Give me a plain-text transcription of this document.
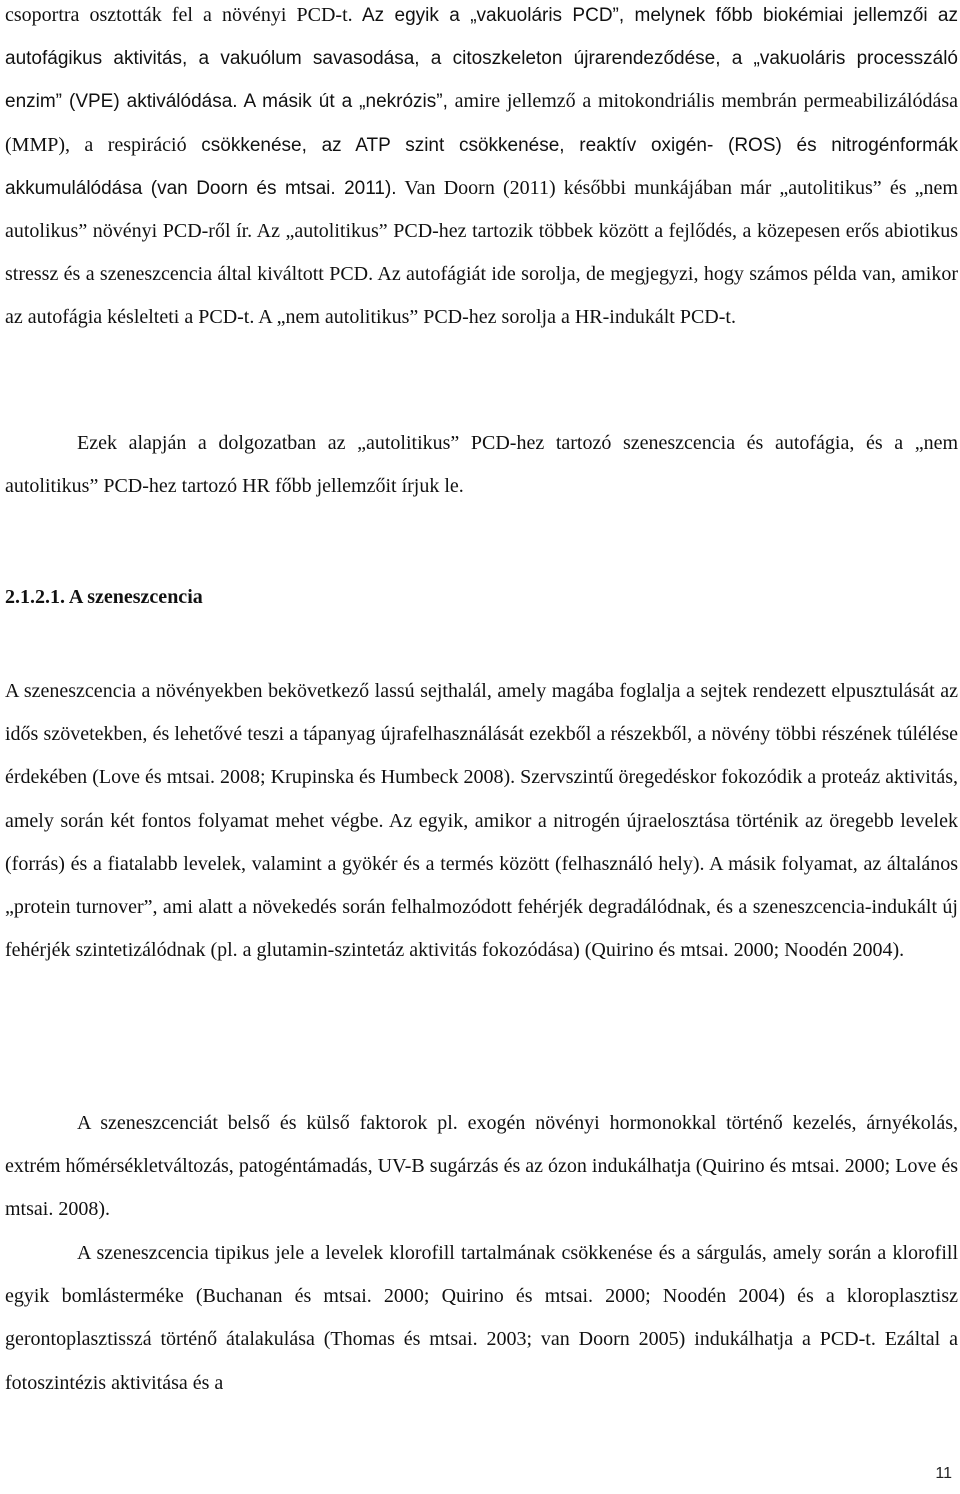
csoportra osztották fel a növényi PCD-t. Az egyik a „vakuoláris PCD”, melynek főbb biokémiai jellemzői az autofágikus aktivitás, a vakuólum savasodása, a citoszkeleton újrarendeződése, a „vakuoláris processzáló enzim” (VPE) aktiválódása. A másik út a „nekrózis”, amire jellemző a mitokondriális membrán permeabilizálódása (MMP), a respiráció csökkenése, az ATP szint csökkenése, reaktív oxigén- (ROS) és nitrogénformák akkumulálódása (van Doorn és mtsai. 2011). Van Doorn (2011) későbbi munkájában már „autolitikus” és „nem autolikus” növényi PCD-ről ír. Az „autolitikus” PCD-hez tartozik többek között a fejlődés, a közepesen erős abiotikus stressz és a szeneszcencia által kiváltott PCD. Az autofágiát ide sorolja, de megjegyzi, hogy számos példa van, amikor az autofágia késlelteti a PCD-t. A „nem autolitikus” PCD-hez sorolja a HR-indukált PCD-t.

Ezek alapján a dolgozatban az „autolitikus” PCD-hez tartozó szeneszcencia és autofágia, és a „nem autolitikus” PCD-hez tartozó HR főbb jellemzőit írjuk le.

2.1.2.1. A szeneszcencia

A szeneszcencia a növényekben bekövetkező lassú sejthalál, amely magába foglalja a sejtek rendezett elpusztulását az idős szövetekben, és lehetővé teszi a tápanyag újrafelhasználását ezekből a részekből, a növény többi részének túlélése érdekében (Love és mtsai. 2008; Krupinska és Humbeck 2008). Szervszintű öregedéskor fokozódik a proteáz aktivitás, amely során két fontos folyamat mehet végbe. Az egyik, amikor a nitrogén újraelosztása történik az öregebb levelek (forrás) és a fiatalabb levelek, valamint a gyökér és a termés között (felhasználó hely). A másik folyamat, az általános „protein turnover”, ami alatt a növekedés során felhalmozódott fehérjék degradálódnak, és a szeneszcencia-indukált új fehérjék szintetizálódnak (pl. a glutamin-szintetáz aktivitás fokozódása) (Quirino és mtsai. 2000; Noodén 2004).

A szeneszcenciát belső és külső faktorok pl. exogén növényi hormonokkal történő kezelés, árnyékolás, extrém hőmérsékletváltozás, patogéntámadás, UV-B sugárzás és az ózon indukálhatja (Quirino és mtsai. 2000; Love és mtsai. 2008).

A szeneszcencia tipikus jele a levelek klorofill tartalmának csökkenése és a sárgulás, amely során a klorofill egyik bomlásterméke (Buchanan és mtsai. 2000; Quirino és mtsai. 2000; Noodén 2004) és a kloroplasztisz gerontoplasztisszá történő átalakulása (Thomas és mtsai. 2003; van Doorn 2005) indukálhatja a PCD-t. Ezáltal a fotoszintézis aktivitása és a

11
